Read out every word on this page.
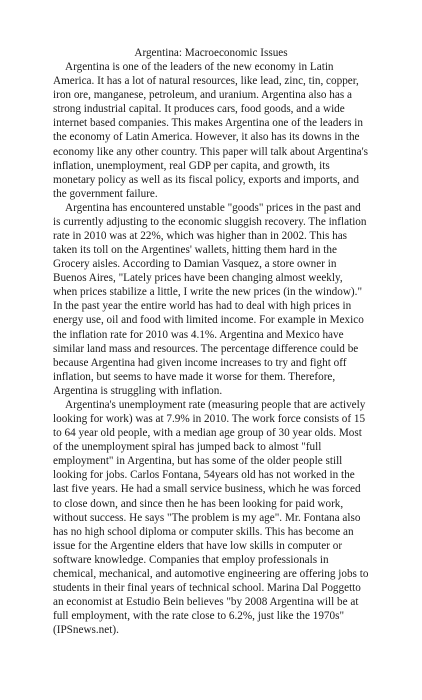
Argentina: Macroeconomic Issues

Argentina is one of the leaders of the new economy in Latin America. It has a lot of natural resources, like lead, zinc, tin, copper, iron ore, manganese, petroleum, and uranium. Argentina also has a strong industrial capital. It produces cars, food goods, and a wide internet based companies. This makes Argentina one of the leaders in the economy of Latin America. However, it also has its downs in the economy like any other country. This paper will talk about Argentina's inflation, unemployment, real GDP per capita, and growth, its monetary policy as well as its fiscal policy, exports and imports, and the government failure.

Argentina has encountered unstable "goods" prices in the past and is currently adjusting to the economic sluggish recovery. The inflation rate in 2010 was at 22%, which was higher than in 2002. This has taken its toll on the Argentines' wallets, hitting them hard in the Grocery aisles. According to Damian Vasquez, a store owner in Buenos Aires, "Lately prices have been changing almost weekly, when prices stabilize a little, I write the new prices (in the window)." In the past year the entire world has had to deal with high prices in energy use, oil and food with limited income. For example in Mexico the inflation rate for 2010 was 4.1%. Argentina and Mexico have similar land mass and resources. The percentage difference could be because Argentina had given income increases to try and fight off inflation, but seems to have made it worse for them. Therefore, Argentina is struggling with inflation.

Argentina's unemployment rate (measuring people that are actively looking for work) was at 7.9% in 2010. The work force consists of 15 to 64 year old people, with a median age group of 30 year olds. Most of the unemployment spiral has jumped back to almost "full employment" in Argentina, but has some of the older people still looking for jobs. Carlos Fontana, 54years old has not worked in the last five years. He had a small service business, which he was forced to close down, and since then he has been looking for paid work, without success. He says "The problem is my age". Mr. Fontana also has no high school diploma or computer skills. This has become an issue for the Argentine elders that have low skills in computer or software knowledge. Companies that employ professionals in chemical, mechanical, and automotive engineering are offering jobs to students in their final years of technical school. Marina Dal Poggetto an economist at Estudio Bein believes "by 2008 Argentina will be at full employment, with the rate close to 6.2%, just like the 1970s"(IPSnews.net).
